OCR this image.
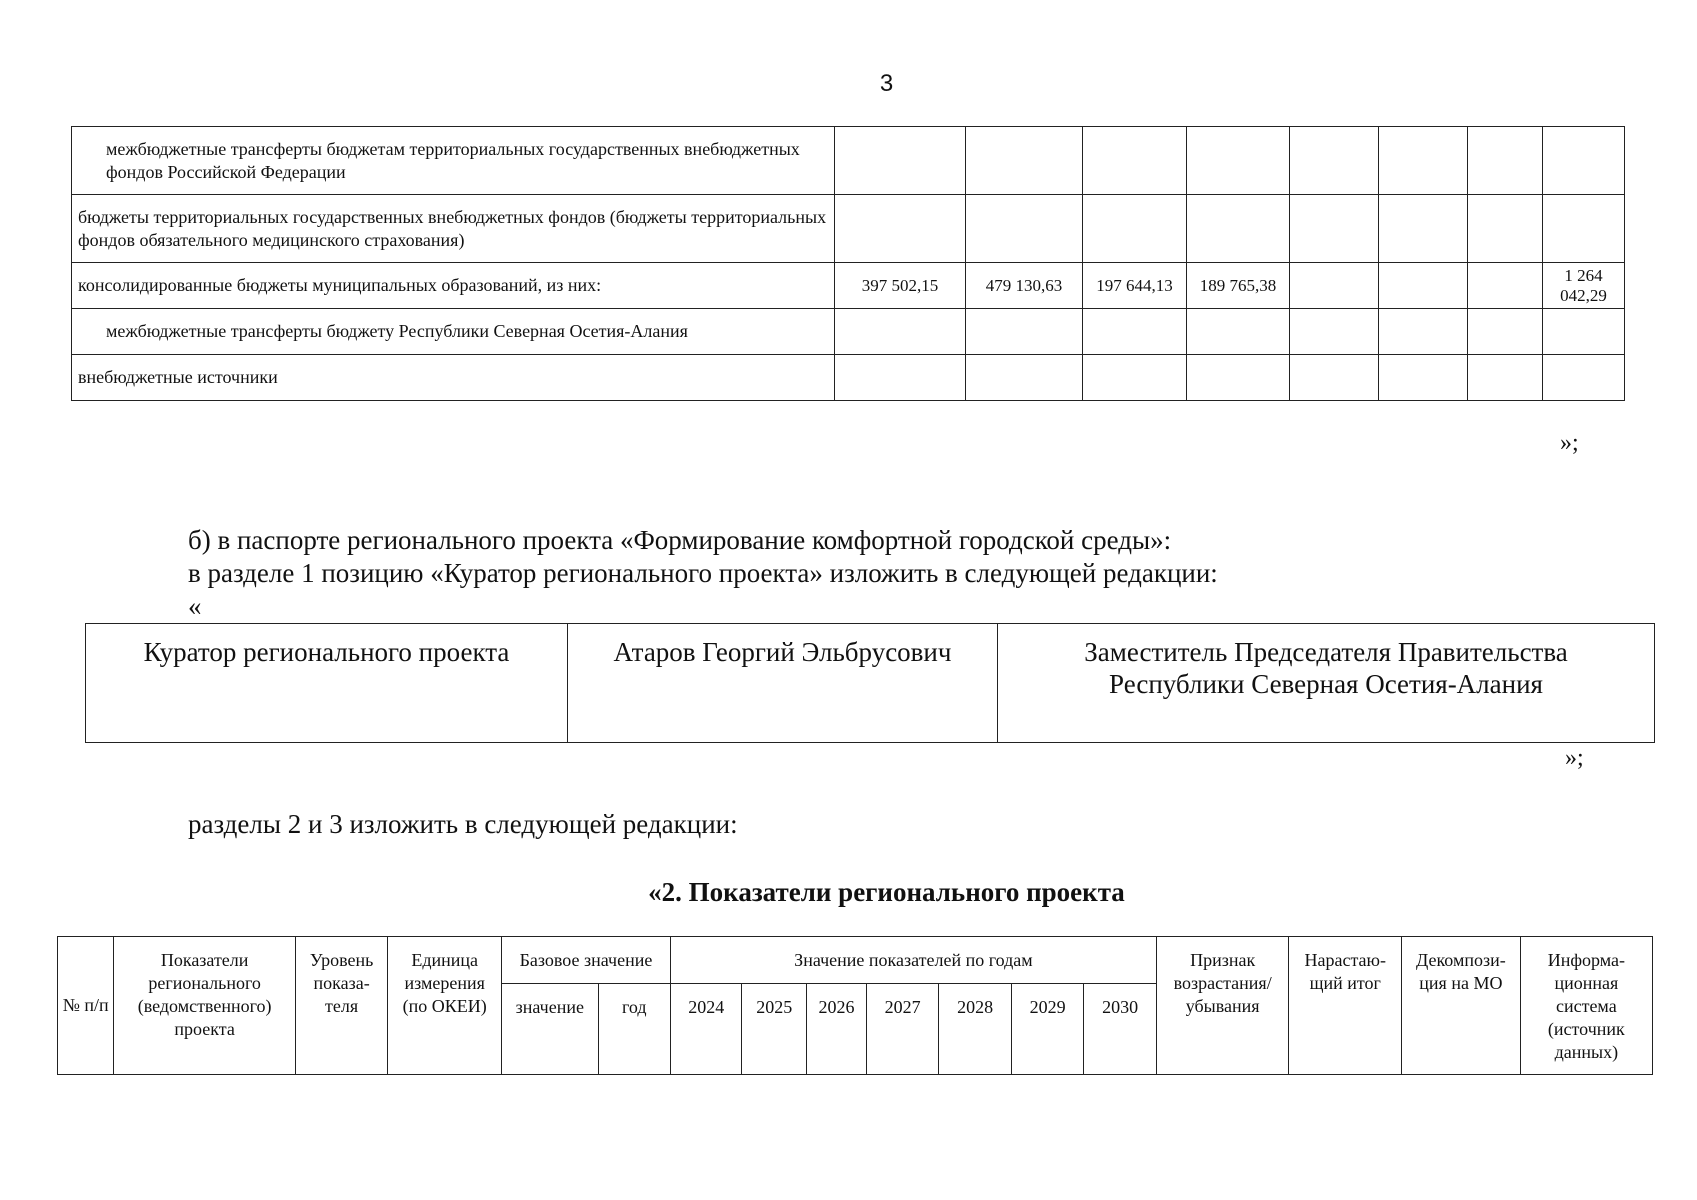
3
межбюджетные трансферты бюджетам территориальных государственных внебюджетных фондов Российской Федерации								
бюджеты территориальных государственных внебюджетных фондов (бюджеты территориальных фондов обязательного медицинского страхования)								
консолидированные бюджеты муниципальных образований, из них:	397 502,15	479 130,63	197 644,13	189 765,38				1 264 042,29
межбюджетные трансферты бюджету Республики Северная Осетия-Алания								
внебюджетные источники								
»;
б) в паспорте регионального проекта «Формирование комфортной городской среды»:
в разделе 1 позицию «Куратор регионального проекта» изложить в следующей редакции:
«
Куратор регионального проекта	Атаров Георгий Эльбрусович	Заместитель Председателя Правительства Республики Северная Осетия-Алания
»;
разделы 2 и 3 изложить в следующей редакции:
«2. Показатели регионального проекта
№ п/п	Показатели регионального (ведомственного) проекта	Уровень показа-теля	Единица измерения (по ОКЕИ)	Базовое значение		Значение показателей по годам							Признак возрастания/ убывания	Нарастаю-щий итог	Декомпози-ция на МО	Информа-ционная система (источник данных)
				значение	год	2024	2025	2026	2027	2028	2029	2030				
